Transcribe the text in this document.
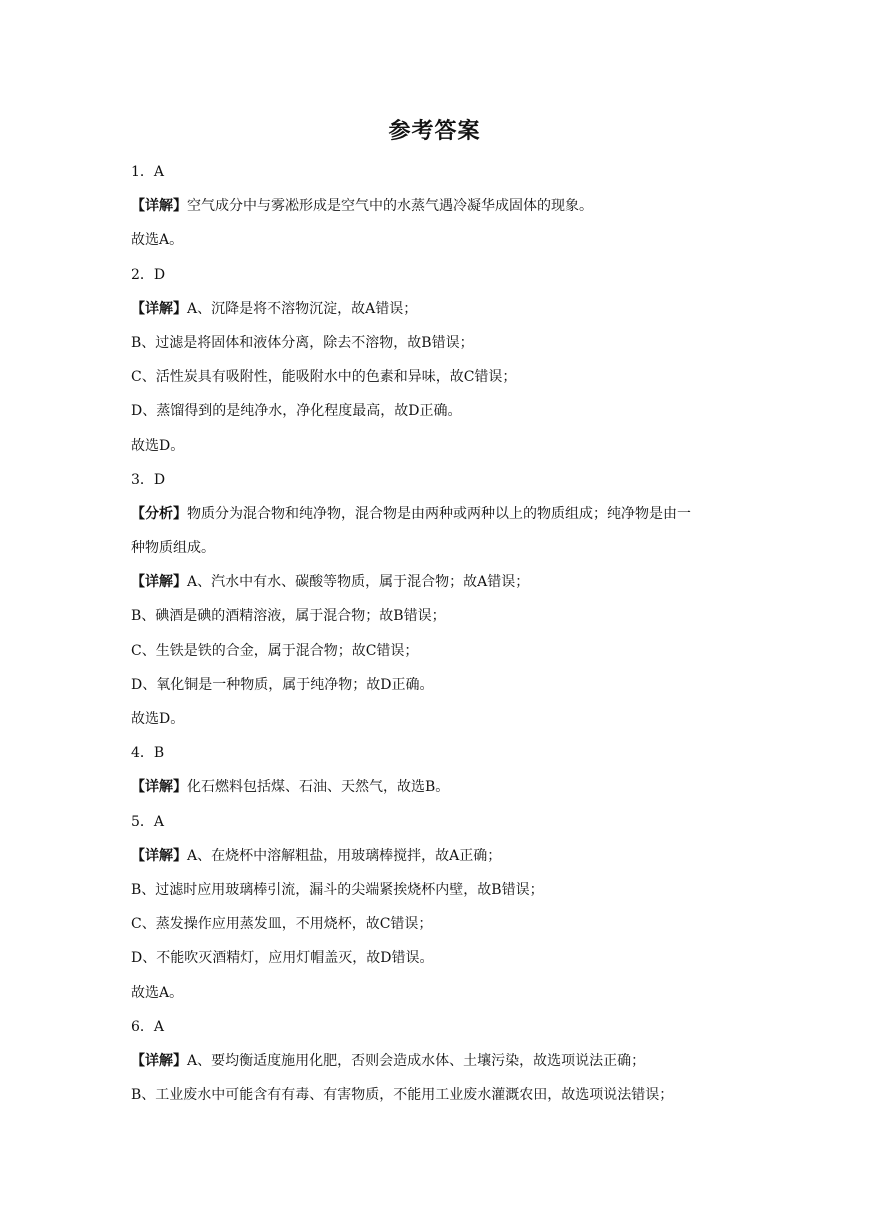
参考答案
1．A
【详解】空气成分中与雾凇形成是空气中的水蒸气遇冷凝华成固体的现象。
故选A。
2．D
【详解】A、沉降是将不溶物沉淀，故A错误；
B、过滤是将固体和液体分离，除去不溶物，故B错误；
C、活性炭具有吸附性，能吸附水中的色素和异味，故C错误；
D、蒸馏得到的是纯净水，净化程度最高，故D正确。
故选D。
3．D
【分析】物质分为混合物和纯净物，混合物是由两种或两种以上的物质组成；纯净物是由一
种物质组成。
【详解】A、汽水中有水、碳酸等物质，属于混合物；故A错误；
B、碘酒是碘的酒精溶液，属于混合物；故B错误；
C、生铁是铁的合金，属于混合物；故C错误；
D、氧化铜是一种物质，属于纯净物；故D正确。
故选D。
4．B
【详解】化石燃料包括煤、石油、天然气，故选B。
5．A
【详解】A、在烧杯中溶解粗盐，用玻璃棒搅拌，故A正确；
B、过滤时应用玻璃棒引流，漏斗的尖端紧挨烧杯内壁，故B错误；
C、蒸发操作应用蒸发皿，不用烧杯，故C错误；
D、不能吹灭酒精灯，应用灯帽盖灭，故D错误。
故选A。
6．A
【详解】A、要均衡适度施用化肥，否则会造成水体、土壤污染，故选项说法正确；
B、工业废水中可能含有有毒、有害物质，不能用工业废水灌溉农田，故选项说法错误；
